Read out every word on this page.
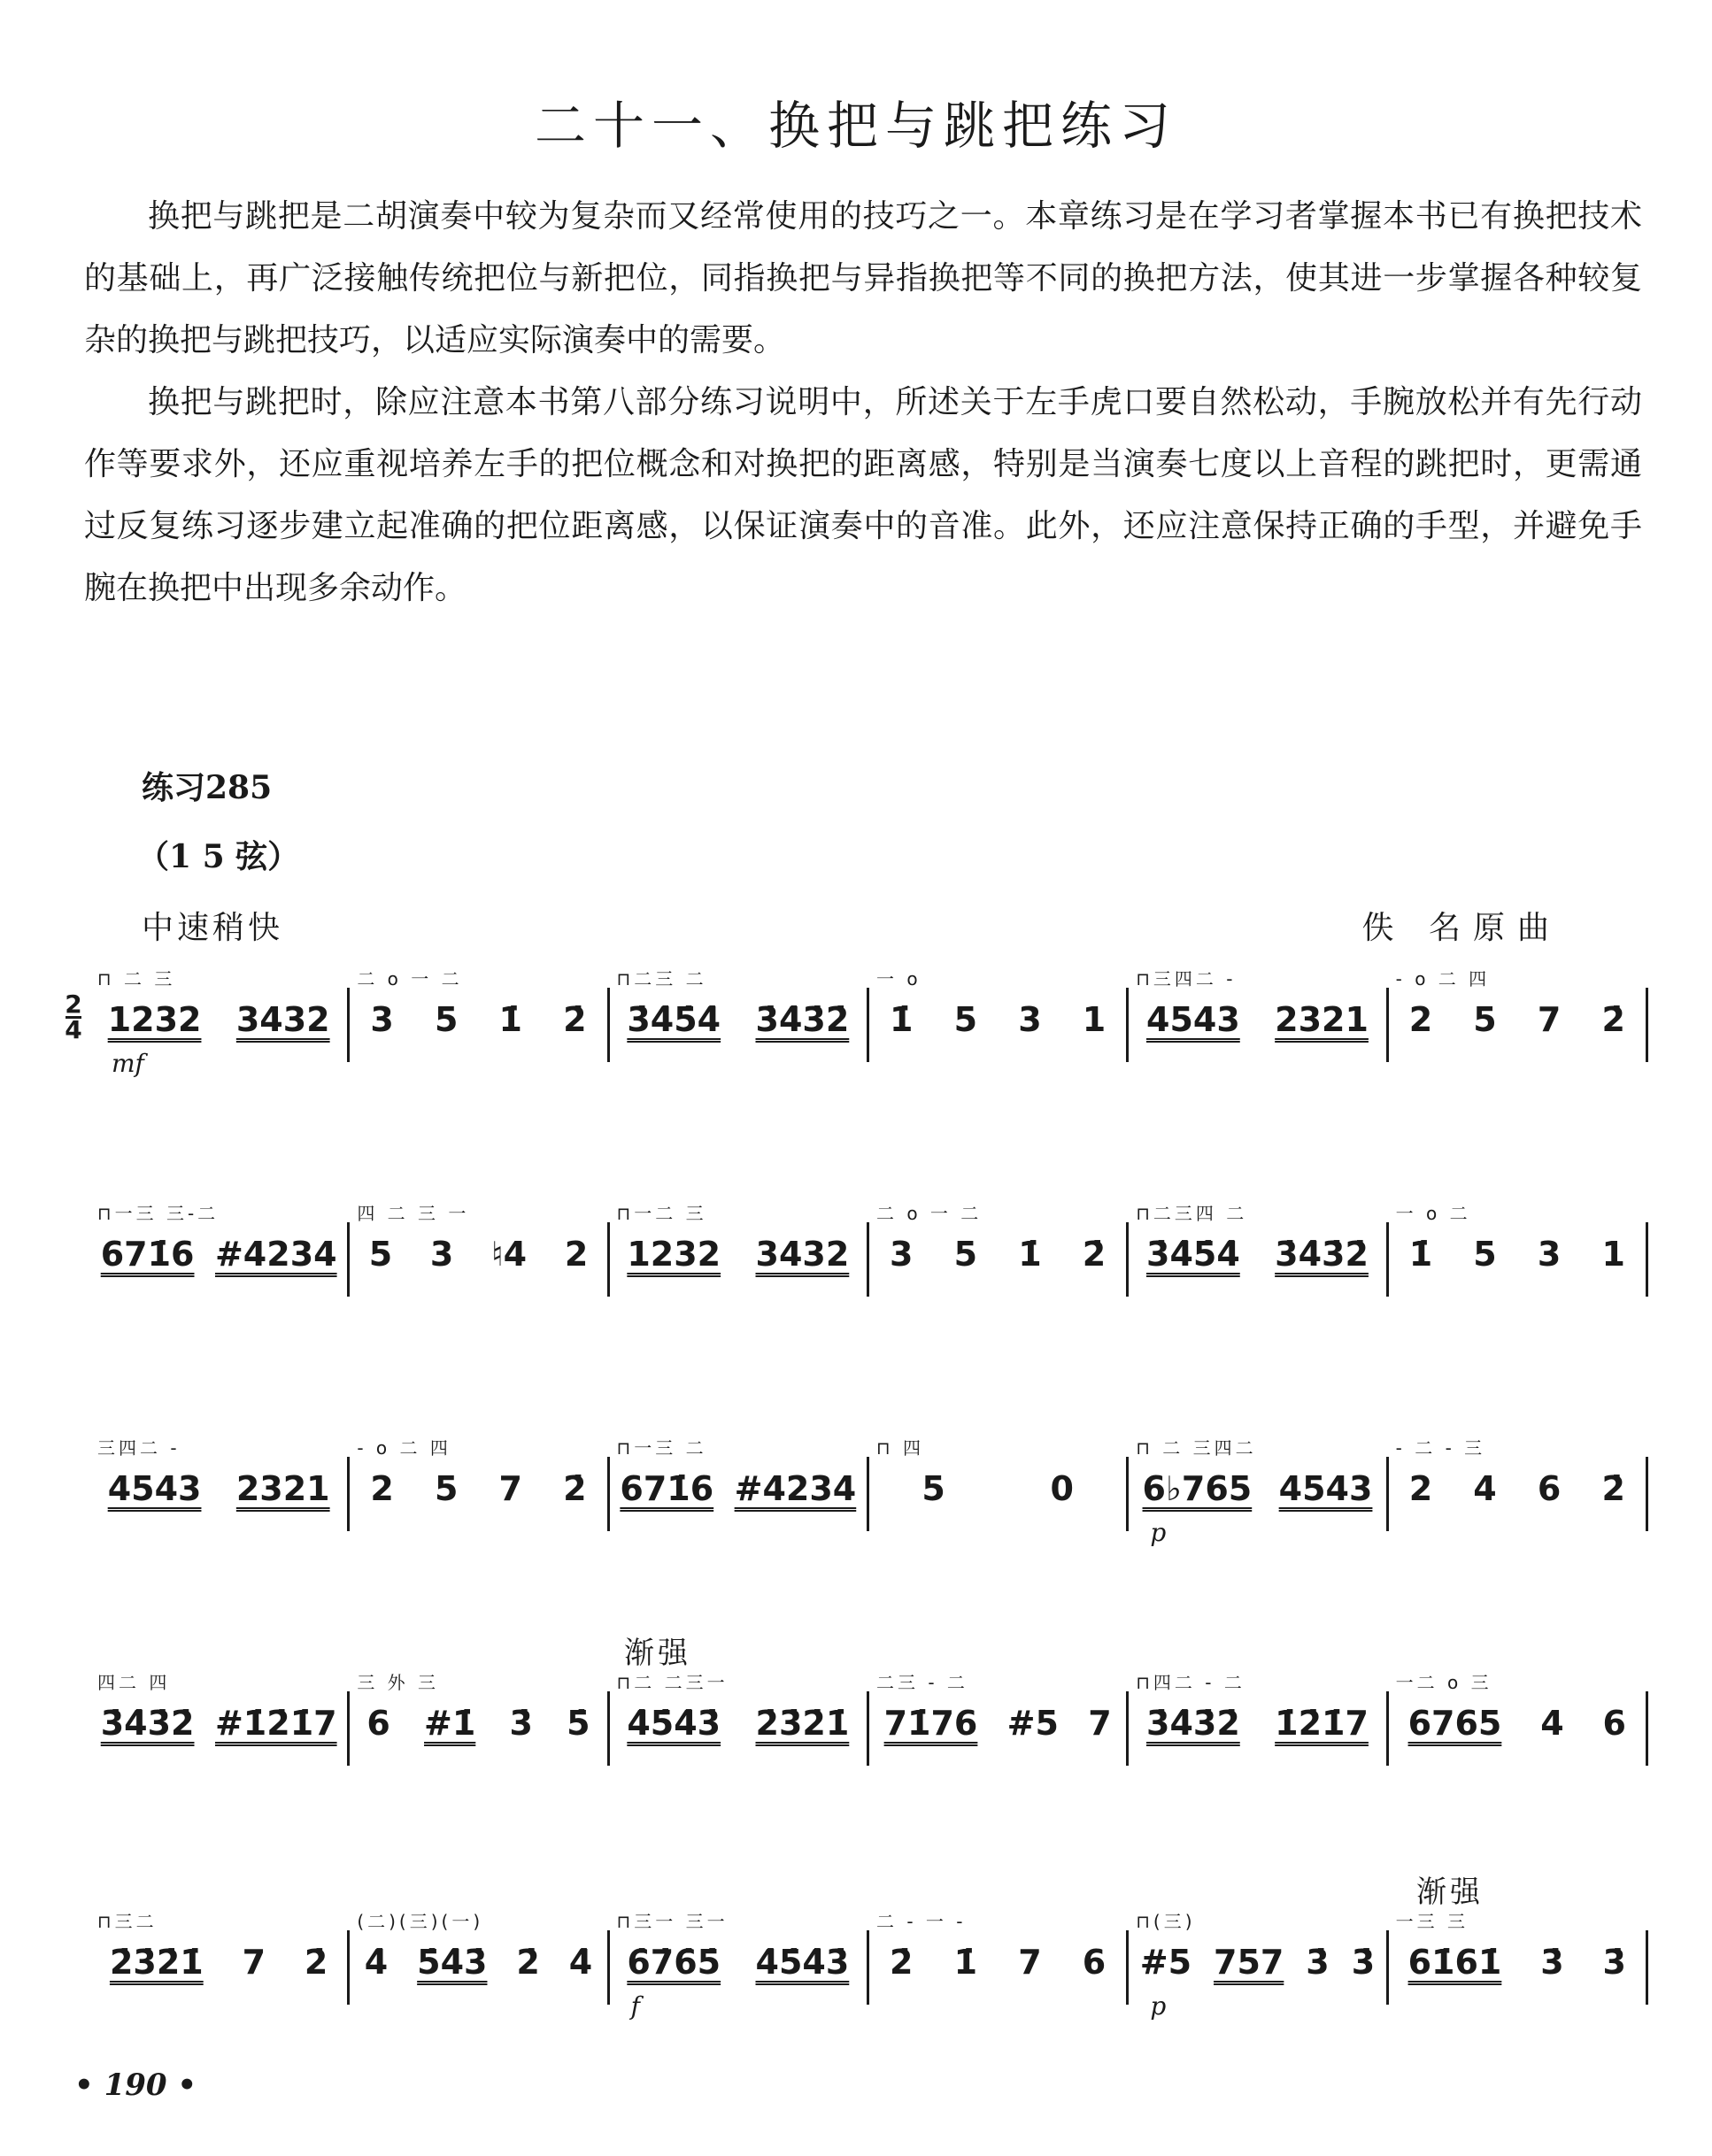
二十一、换把与跳把练习

换把与跳把是二胡演奏中较为复杂而又经常使用的技巧之一。本章练习是在学习者掌握本书已有换把技术的基础上，再广泛接触传统把位与新把位，同指换把与异指换把等不同的换把方法，使其进一步掌握各种较复杂的换把与跳把技巧，以适应实际演奏中的需要。

换把与跳把时，除应注意本书第八部分练习说明中，所述关于左手虎口要自然松动，手腕放松并有先行动作等要求外，还应重视培养左手的把位概念和对换把的距离感，特别是当演奏七度以上音程的跳把时，更需通过反复练习逐步建立起准确的把位距离感，以保证演奏中的音准。此外，还应注意保持正确的手型，并避免手腕在换把中出现多余动作。

练习285
（1 5 弦）
中速稍快	佚 名原曲
渐强
渐强
2
4
⊓ 二 三
1232 3432
mf
二 o 一 二
3 5 1̇ 2̇
⊓二三 二
3̇4̇5̇4̇ 3̇4̇3̇2̇
一 o
1̇ 5 3 1
⊓三四二 -
4543 2321
- o 二 四
2 5 7 2̇
⊓一三 三-二
671̇6 #4234
四 二 三 一
5 3 ♮4 2
⊓一二 三
1232 3432
二 o 一 二
3 5 1̇ 2̇
⊓二三四 二
3̇4̇5̇4̇ 3̇4̇3̇2̇
一 o 二
1̇ 5 3 1
三四二 -
4543 2321
- o 二 四
2 5 7 2̇
⊓一三 二
671̇6 #4234
⊓ 四
5	0
⊓ 二 三四二
6♭765 4543
p
- 二 - 三
2 4 6 2̇
四二 四
3̇4̇3̇2̇ #1̇2̇1̇7
三 外 三
6 #1̇ 3̇ 5̇
⊓二 二三一
4̇5̇4̇3̇ 2̇3̇2̇1̇
二三 - 二
71̇76 #5 7
⊓四二 - 二
3̇4̇3̇2̇ 1̇2̇1̇7
一二 o 三
6765 4 6
⊓三二
2̇3̇2̇1̇ 7 2̇
(二)(三)(一)
4̇ 5̇4̇3̇ 2̇ 4̇
⊓三一 三一
6̇7̇6̇5̇ 4̇5̇4̇3̇
f
二 - 一 -
2̇ 1̇ 7 6
⊓(三)
#5 757 3̇ 3̇
p
一三 三
61̇61̇ 3̇ 3̇
• 190 •
